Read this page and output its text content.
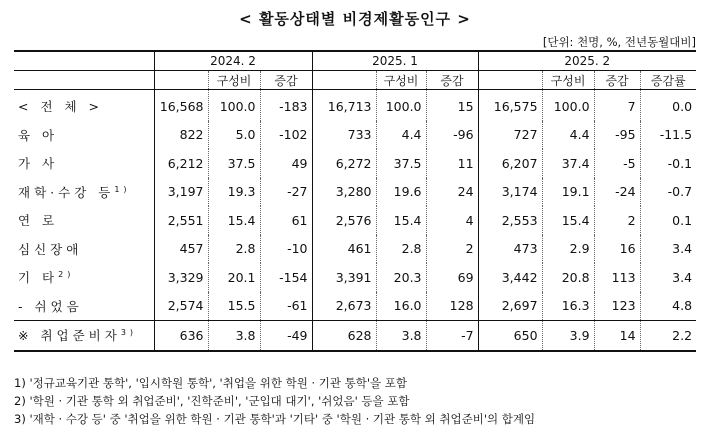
< 활동상태별 비경제활동인구 >
[단위: 천명, %, 전년동월대비]
	2024. 2			2025. 1			2025. 2			
		구성비	증감		구성비	증감		구성비	증감	증감률
< 전 체 >	16,568	100.0	-183	16,713	100.0	15	16,575	100.0	7	0.0
육 아	822	5.0	-102	733	4.4	-96	727	4.4	-95	-11.5
가 사	6,212	37.5	49	6,272	37.5	11	6,207	37.4	-5	-0.1
재학·수강 등$^{1)}$	3,197	19.3	-27	3,280	19.6	24	3,174	19.1	-24	-0.7
연 로	2,551	15.4	61	2,576	15.4	4	2,553	15.4	2	0.1
심신장애	457	2.8	-10	461	2.8	2	473	2.9	16	3.4
기 타$^{2)}$	3,329	20.1	-154	3,391	20.3	69	3,442	20.8	113	3.4
- 쉬었음	2,574	15.5	-61	2,673	16.0	128	2,697	16.3	123	4.8
※ 취업준비자$^{3)}$	636	3.8	-49	628	3.8	-7	650	3.9	14	2.2
1) '정규교육기관 통학', '입시학원 통학', '취업을 위한 학원 · 기관 통학'을 포함
2) '학원 · 기관 통학 외 취업준비', '진학준비', '군입대 대기', '쉬었음' 등을 포함
3) '재학 · 수강 등' 중 '취업을 위한 학원 · 기관 통학'과 '기타' 중 '학원 · 기관 통학 외 취업준비'의 합계임
